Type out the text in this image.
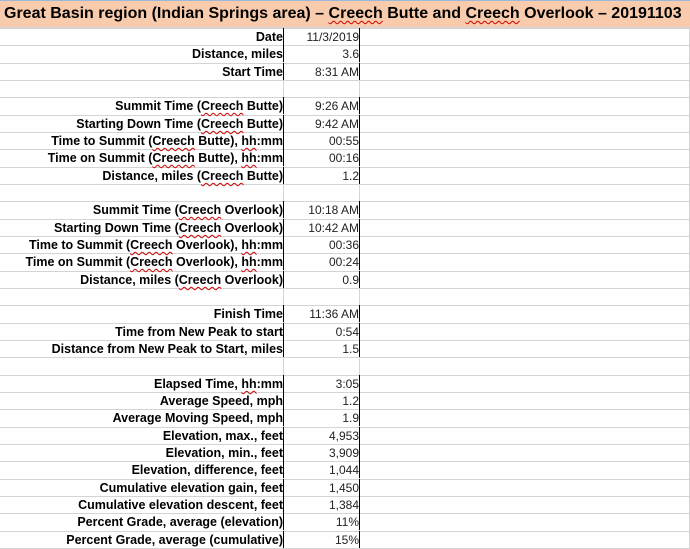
Great Basin region (Indian Springs area) – Creech Butte and Creech Overlook – 20191103
Date 11/3/2019
Distance, miles	3.6
Start Time	8:31 AM
Summit Time (Creech Butte)	9:26 AM
Starting Down Time (Creech Butte)	9:42 AM
Time to Summit (Creech Butte), hh:mm	00:55
Time on Summit (Creech Butte), hh:mm	00:16
Distance, miles (Creech Butte)	1.2
Summit Time (Creech Overlook) 10:18 AM
Starting Down Time (Creech Overlook) 10:42 AM
Time to Summit (Creech Overlook), hh:mm	00:36
Time on Summit (Creech Overlook), hh:mm	00:24
Distance, miles (Creech Overlook)	0.9
Finish Time 11:36 AM
Time from New Peak to start	0:54
Distance from New Peak to Start, miles	1.5
Elapsed Time, hh:mm	3:05
Average Speed, mph	1.2
Average Moving Speed, mph	1.9
Elevation, max., feet	4,953
Elevation, min., feet	3,909
Elevation, difference, feet	1,044
Cumulative elevation gain, feet	1,450
Cumulative elevation descent, feet	1,384
Percent Grade, average (elevation)	11%
Percent Grade, average (cumulative)	15%
